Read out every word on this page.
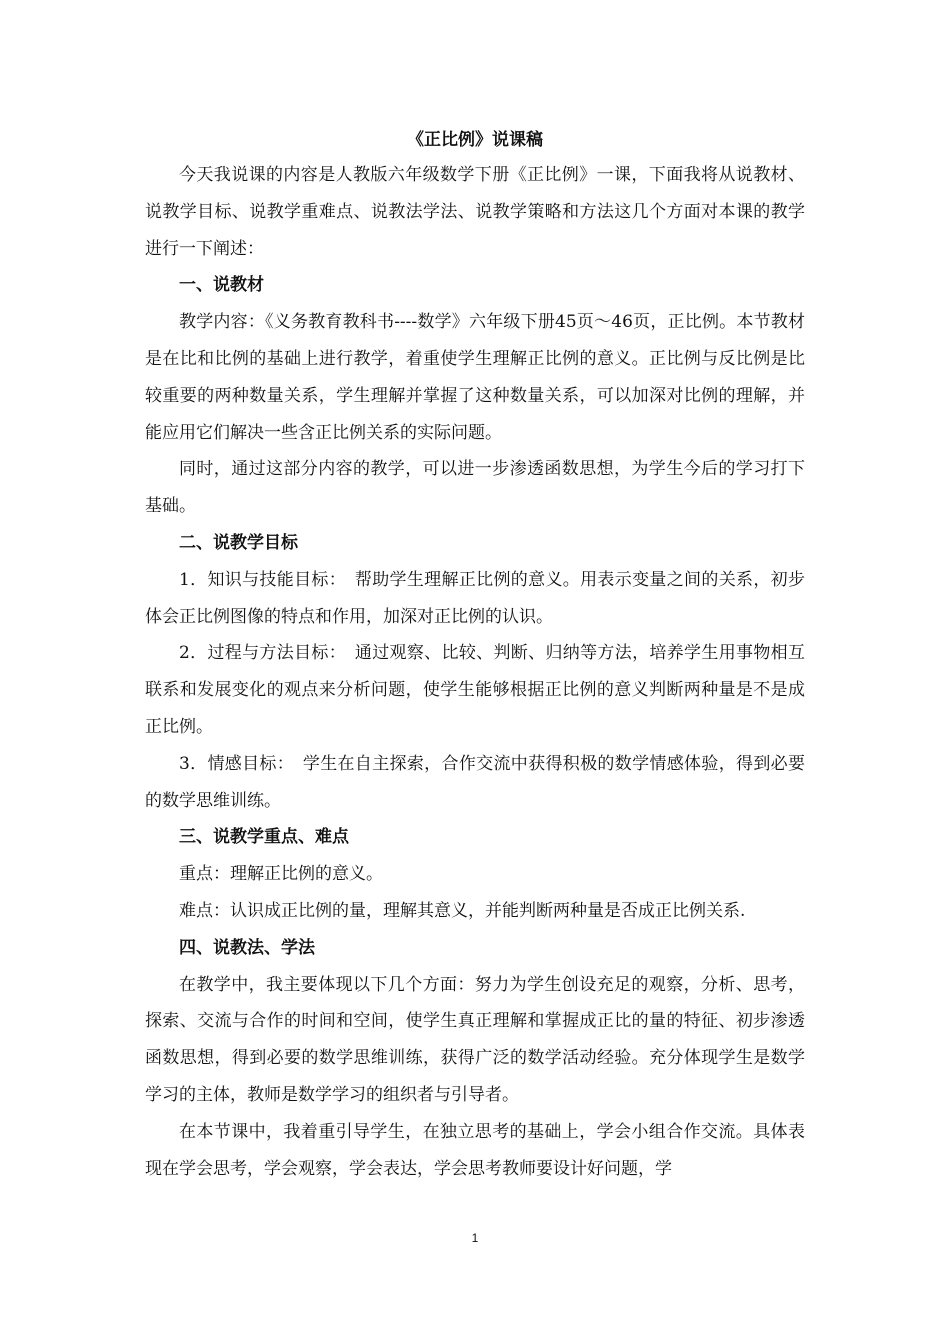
《正比例》说课稿

今天我说课的内容是人教版六年级数学下册《正比例》一课，下面我将从说教材、说教学目标、说教学重难点、说教法学法、说教学策略和方法这几个方面对本课的教学进行一下阐述：

一、说教材

教学内容：《义务教育教科书----数学》六年级下册45页～46页，正比例。本节教材是在比和比例的基础上进行教学，着重使学生理解正比例的意义。正比例与反比例是比较重要的两种数量关系，学生理解并掌握了这种数量关系，可以加深对比例的理解，并能应用它们解决一些含正比例关系的实际问题。

同时，通过这部分内容的教学，可以进一步渗透函数思想，为学生今后的学习打下基础。

二、说教学目标

1．知识与技能目标：　帮助学生理解正比例的意义。用表示变量之间的关系，初步体会正比例图像的特点和作用，加深对正比例的认识。

2．过程与方法目标：　通过观察、比较、判断、归纳等方法，培养学生用事物相互联系和发展变化的观点来分析问题，使学生能够根据正比例的意义判断两种量是不是成正比例。

3．情感目标：　学生在自主探索，合作交流中获得积极的数学情感体验，得到必要的数学思维训练。

三、说教学重点、难点

重点：理解正比例的意义。

难点：认识成正比例的量，理解其意义，并能判断两种量是否成正比例关系.

四、说教法、学法

在教学中，我主要体现以下几个方面：努力为学生创设充足的观察，分析、思考，探索、交流与合作的时间和空间，使学生真正理解和掌握成正比的量的特征、初步渗透函数思想，得到必要的数学思维训练，获得广泛的数学活动经验。充分体现学生是数学学习的主体，教师是数学学习的组织者与引导者。

在本节课中，我着重引导学生，在独立思考的基础上，学会小组合作交流。具体表现在学会思考，学会观察，学会表达，学会思考教师要设计好问题，学

1
